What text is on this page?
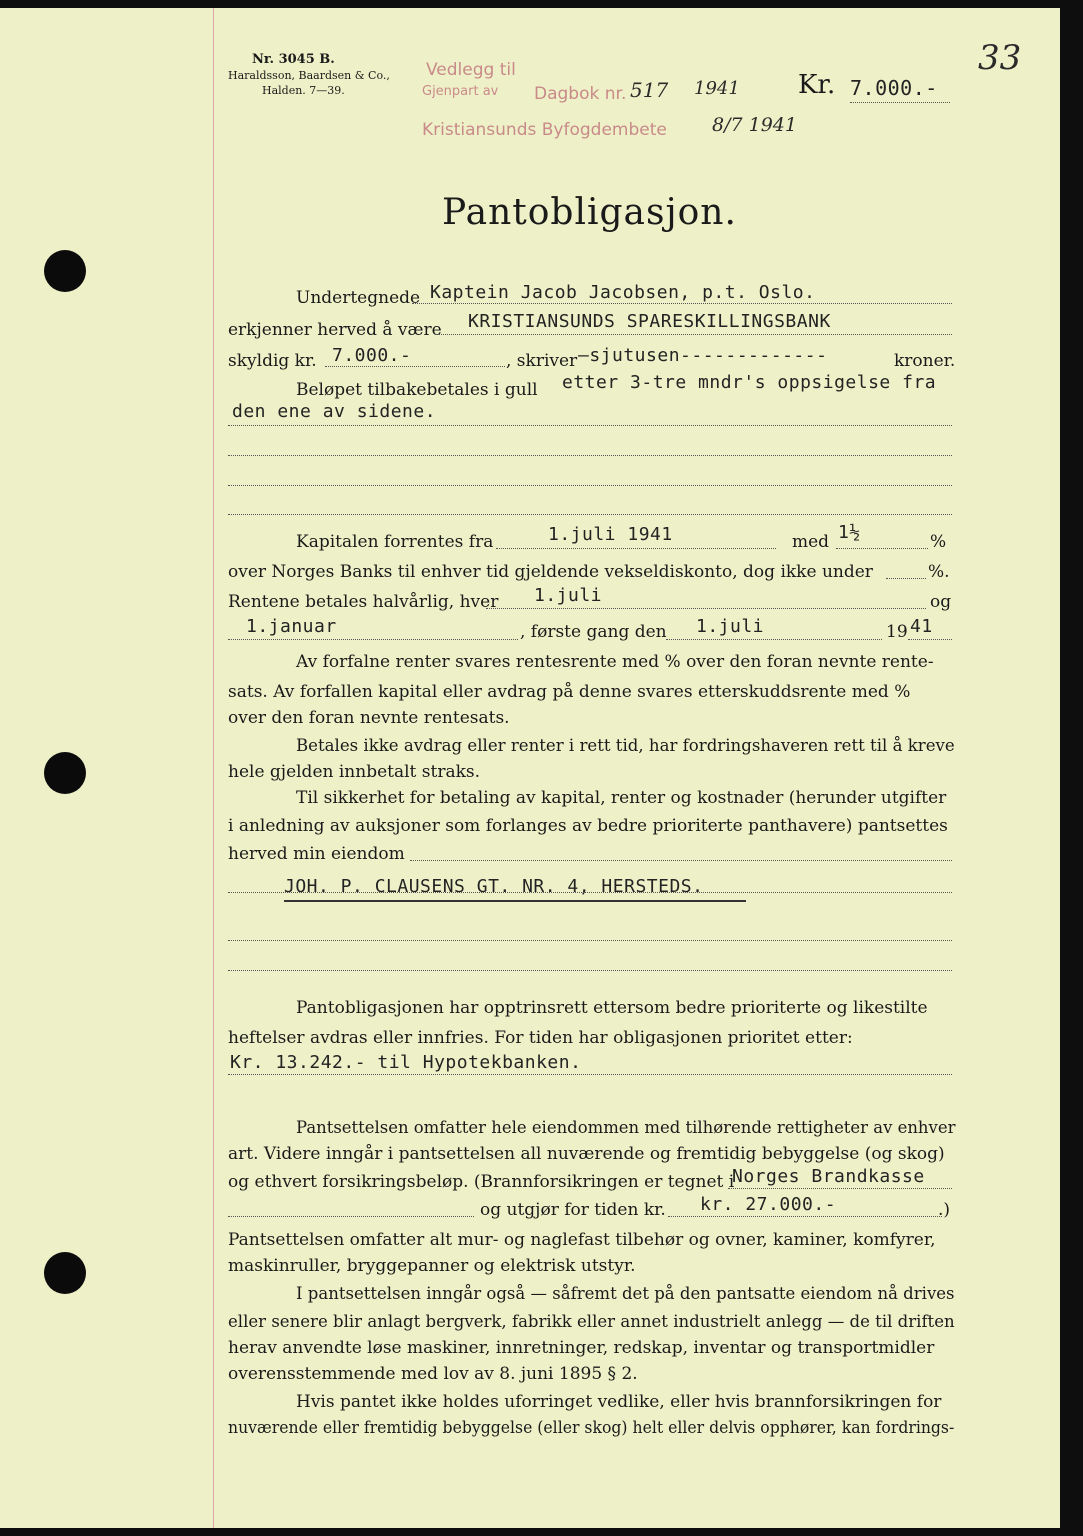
Nr. 3045 B.
Haraldsson, Baardsen & Co.,
Halden. 7—39.
Vedlegg til
Gjenpart av Dagbok nr. 517 1941
Kristiansunds Byfogdembete 8/7 1941
Kr. 7.000.-
33
Pantobligasjon.
Undertegnede Kaptein Jacob Jacobsen, p.t. Oslo.
erkjenner herved å være KRISTIANSUNDS SPARESKILLINGSBANK
skyldig kr. 7.000.-	, skriver —sjutusen-------------	kroner.
Beløpet tilbakebetales i gull etter 3-tre mndr's oppsigelse fra
den ene av sidene.
Kapitalen forrentes fra	1.juli 1941	med 1½	%
over Norges Banks til enhver tid gjeldende vekseldiskonto, dog ikke under	%.
Rentene betales halvårlig, hver 1.juli	og
1.januar	, første gang den 1.juli	19 41
Av forfalne renter svares rentesrente med % over den foran nevnte rente-
sats. Av forfallen kapital eller avdrag på denne svares etterskuddsrente med %
over den foran nevnte rentesats.
Betales ikke avdrag eller renter i rett tid, har fordringshaveren rett til å kreve
hele gjelden innbetalt straks.
Til sikkerhet for betaling av kapital, renter og kostnader (herunder utgifter
i anledning av auksjoner som forlanges av bedre prioriterte panthavere) pantsettes
herved min eiendom
JOH. P. CLAUSENS GT. NR. 4, HERSTEDS.
Pantobligasjonen har opptrinsrett ettersom bedre prioriterte og likestilte
heftelser avdras eller innfries. For tiden har obligasjonen prioritet etter:
Kr. 13.242.- til Hypotekbanken.
Pantsettelsen omfatter hele eiendommen med tilhørende rettigheter av enhver
art. Videre inngår i pantsettelsen all nuværende og fremtidig bebyggelse (og skog)
og ethvert forsikringsbeløp. (Brannforsikringen er tegnet i
Norges Brandkasse
og utgjør for tiden kr. kr. 27.000.-	.)
Pantsettelsen omfatter alt mur- og naglefast tilbehør og ovner, kaminer, komfyrer,
maskinruller, bryggepanner og elektrisk utstyr.
I pantsettelsen inngår også — såfremt det på den pantsatte eiendom nå drives
eller senere blir anlagt bergverk, fabrikk eller annet industrielt anlegg — de til driften
herav anvendte løse maskiner, innretninger, redskap, inventar og transportmidler
overensstemmende med lov av 8. juni 1895 § 2.
Hvis pantet ikke holdes uforringet vedlike, eller hvis brannforsikringen for
nuværende eller fremtidig bebyggelse (eller skog) helt eller delvis opphører, kan fordrings-
